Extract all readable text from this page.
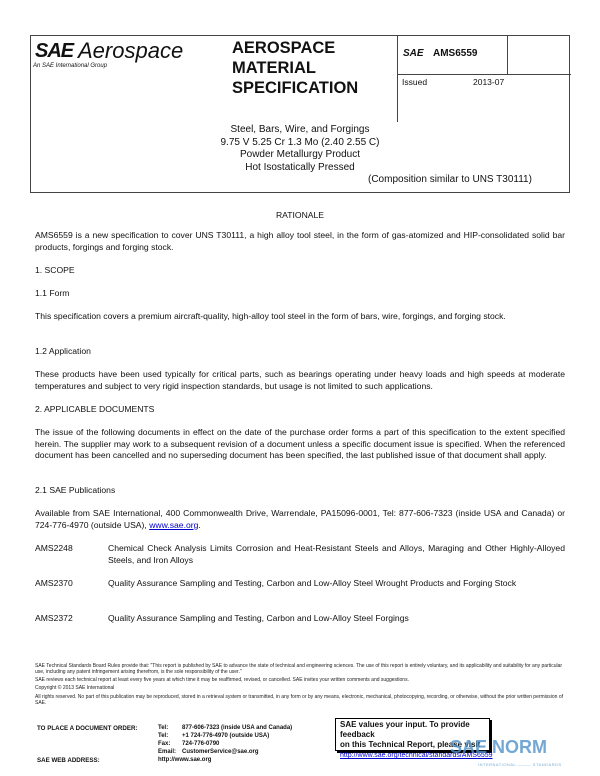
SAE Aerospace
An SAE International Group
AEROSPACE
MATERIAL
SPECIFICATION
SAE AMS6559
Issued	2013-07
Steel, Bars, Wire, and Forgings
9.75 V 5.25 Cr 1.3 Mo (2.40 2.55 C)
Powder Metallurgy Product
Hot Isostatically Pressed
(Composition similar to UNS T30111)
RATIONALE
AMS6559 is a new specification to cover UNS T30111, a high alloy tool steel, in the form of gas-atomized and HIP-consolidated solid bar products, forgings and forging stock.
1. SCOPE
1.1 Form
This specification covers a premium aircraft-quality, high-alloy tool steel in the form of bars, wire, forgings, and forging stock.
1.2 Application
These products have been used typically for critical parts, such as bearings operating under heavy loads and high speeds at moderate temperatures and subject to very rigid inspection standards, but usage is not limited to such applications.
2. APPLICABLE DOCUMENTS
The issue of the following documents in effect on the date of the purchase order forms a part of this specification to the extent specified herein. The supplier may work to a subsequent revision of a document unless a specific document issue is specified. When the referenced document has been cancelled and no superseding document has been specified, the last published issue of that document shall apply.
2.1 SAE Publications
Available from SAE International, 400 Commonwealth Drive, Warrendale, PA15096-0001, Tel: 877-606-7323 (inside USA and Canada) or 724-776-4970 (outside USA), www.sae.org.
AMS2248	Chemical Check Analysis Limits Corrosion and Heat-Resistant Steels and Alloys, Maraging and Other Highly-Alloyed Steels, and Iron Alloys
AMS2370	Quality Assurance Sampling and Testing, Carbon and Low-Alloy Steel Wrought Products and Forging Stock
AMS2372	Quality Assurance Sampling and Testing, Carbon and Low-Alloy Steel Forgings
SAE Technical Standards Board Rules provide that: "This report is published by SAE to advance the state of technical and engineering sciences. The use of this report is entirely voluntary, and its applicability and suitability for any particular use, including any patent infringement arising therefrom, is the sole responsibility of the user."
SAE reviews each technical report at least every five years at which time it may be reaffirmed, revised, or cancelled. SAE invites your written comments and suggestions.
Copyright © 2013 SAE International
All rights reserved. No part of this publication may be reproduced, stored in a retrieval system or transmitted, in any form or by any means, electronic, mechanical, photocopying, recording, or otherwise, without the prior written permission of SAE.
TO PLACE A DOCUMENT ORDER:	Tel: 877-606-7323 (inside USA and Canada)
Tel: +1 724-776-4970 (outside USA)
Fax: 724-776-0790
Email: CustomerService@sae.org
SAE WEB ADDRESS:	http://www.sae.org
SAE values your input. To provide feedback
on this Technical Report, please visit
http://www.sae.org/technical/standards/AMS6559
SAE NORM
INTERNATIONAL ——— STANDARDS
